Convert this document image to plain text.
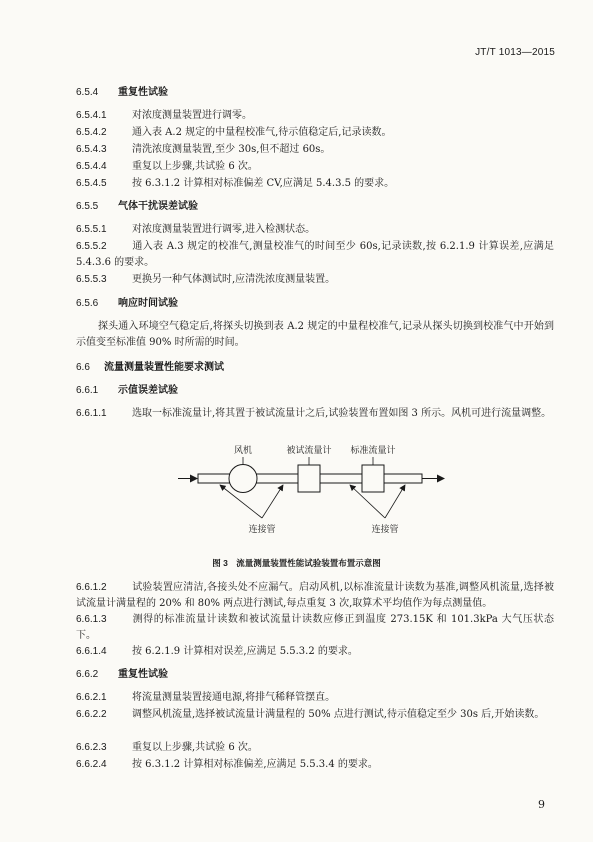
JT/T 1013—2015
6.5.4 重复性试验
6.5.4.1	对浓度测量装置进行调零。
6.5.4.2	通入表 A.2 规定的中量程校准气,待示值稳定后,记录读数。
6.5.4.3	清洗浓度测量装置,至少 30s,但不超过 60s。
6.5.4.4	重复以上步骤,共试验 6 次。
6.5.4.5	按 6.3.1.2 计算相对标准偏差 CV,应满足 5.4.3.5 的要求。
6.5.5 气体干扰误差试验
6.5.5.1	对浓度测量装置进行调零,进入检测状态。
6.5.5.2	通入表 A.3 规定的校准气,测量校准气的时间至少 60s,记录读数,按 6.2.1.9 计算误差,应满足 5.4.3.6 的要求。
6.5.5.3	更换另一种气体测试时,应清洗浓度测量装置。
6.5.6 响应时间试验
探头通入环境空气稳定后,将探头切换到表 A.2 规定的中量程校准气,记录从探头切换到校准气中开始到示值变至标准值 90% 时所需的时间。
6.6 流量测量装置性能要求测试
6.6.1 示值误差试验
6.6.1.1	选取一标准流量计,将其置于被试流量计之后,试验装置布置如图 3 所示。风机可进行流量调整。
风机	被试流量计 标准流量计
连接管	连接管
图 3　流量测量装置性能试验装置布置示意图
6.6.1.2	试验装置应清洁,各接头处不应漏气。启动风机,以标准流量计读数为基准,调整风机流量,选择被试流量计满量程的 20% 和 80% 两点进行测试,每点重复 3 次,取算术平均值作为每点测量值。
6.6.1.3	测得的标准流量计读数和被试流量计读数应修正到温度 273.15K 和 101.3kPa 大气压状态下。
6.6.1.4	按 6.2.1.9 计算相对误差,应满足 5.5.3.2 的要求。
6.6.2 重复性试验
6.6.2.1	将流量测量装置接通电源,将排气稀释管摆直。
6.6.2.2	调整风机流量,选择被试流量计满量程的 50% 点进行测试,待示值稳定至少 30s 后,开始读数。
6.6.2.3	重复以上步骤,共试验 6 次。
6.6.2.4	按 6.3.1.2 计算相对标准偏差,应满足 5.5.3.4 的要求。
9
